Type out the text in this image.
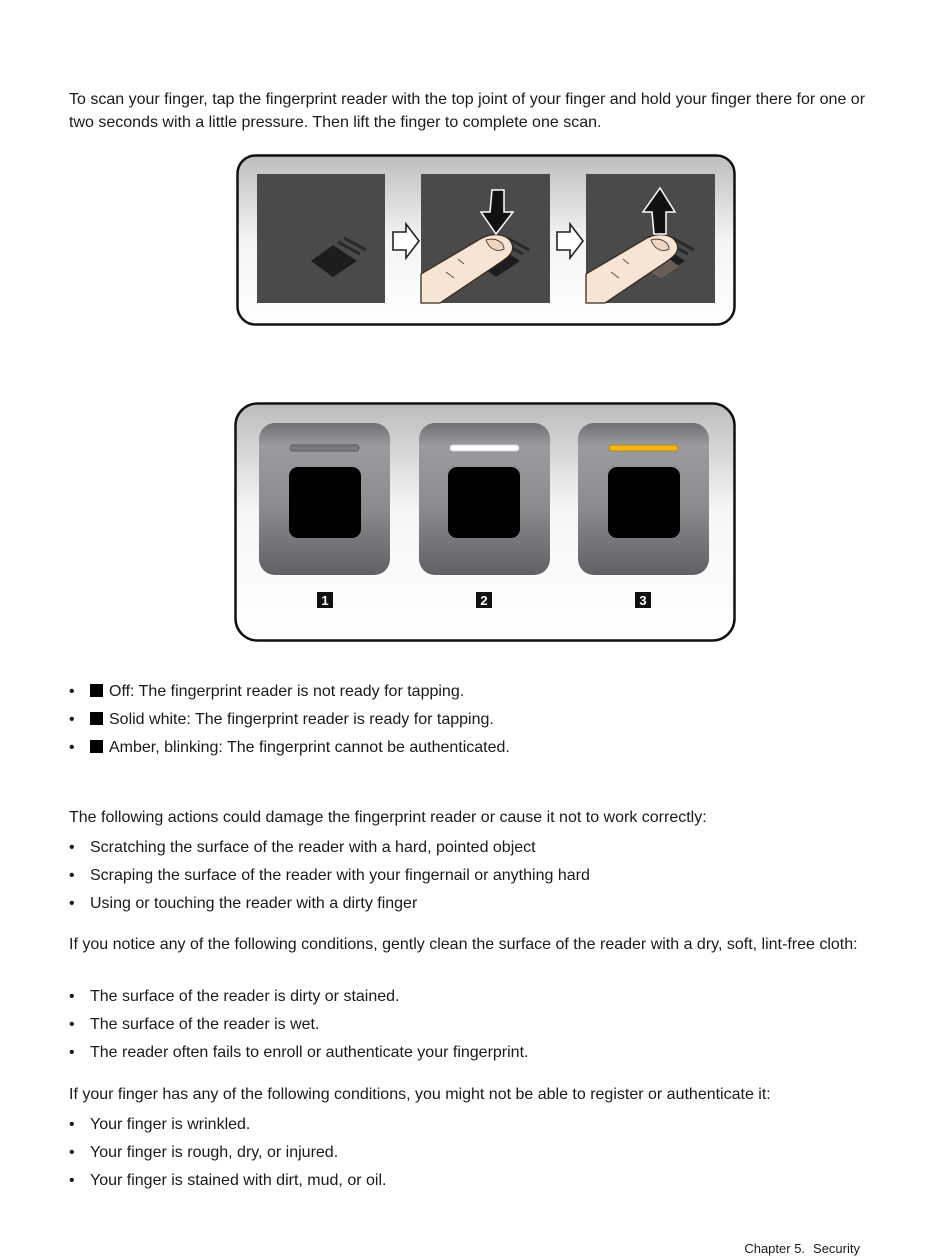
To scan your finger, tap the fingerprint reader with the top joint of your finger and hold your finger there for one or two seconds with a little pressure. Then lift the finger to complete one scan.

1	2	3
• Off: The fingerprint reader is not ready for tapping.
• Solid white: The fingerprint reader is ready for tapping.
• Amber, blinking: The fingerprint cannot be authenticated.

The following actions could damage the fingerprint reader or cause it not to work correctly:

• Scratching the surface of the reader with a hard, pointed object
• Scraping the surface of the reader with your fingernail or anything hard
• Using or touching the reader with a dirty finger

If you notice any of the following conditions, gently clean the surface of the reader with a dry, soft, lint-free cloth:

• The surface of the reader is dirty or stained.
• The surface of the reader is wet.
• The reader often fails to enroll or authenticate your fingerprint.

If your finger has any of the following conditions, you might not be able to register or authenticate it:

• Your finger is wrinkled.
• Your finger is rough, dry, or injured.
• Your finger is stained with dirt, mud, or oil.
Chapter 5. Security
